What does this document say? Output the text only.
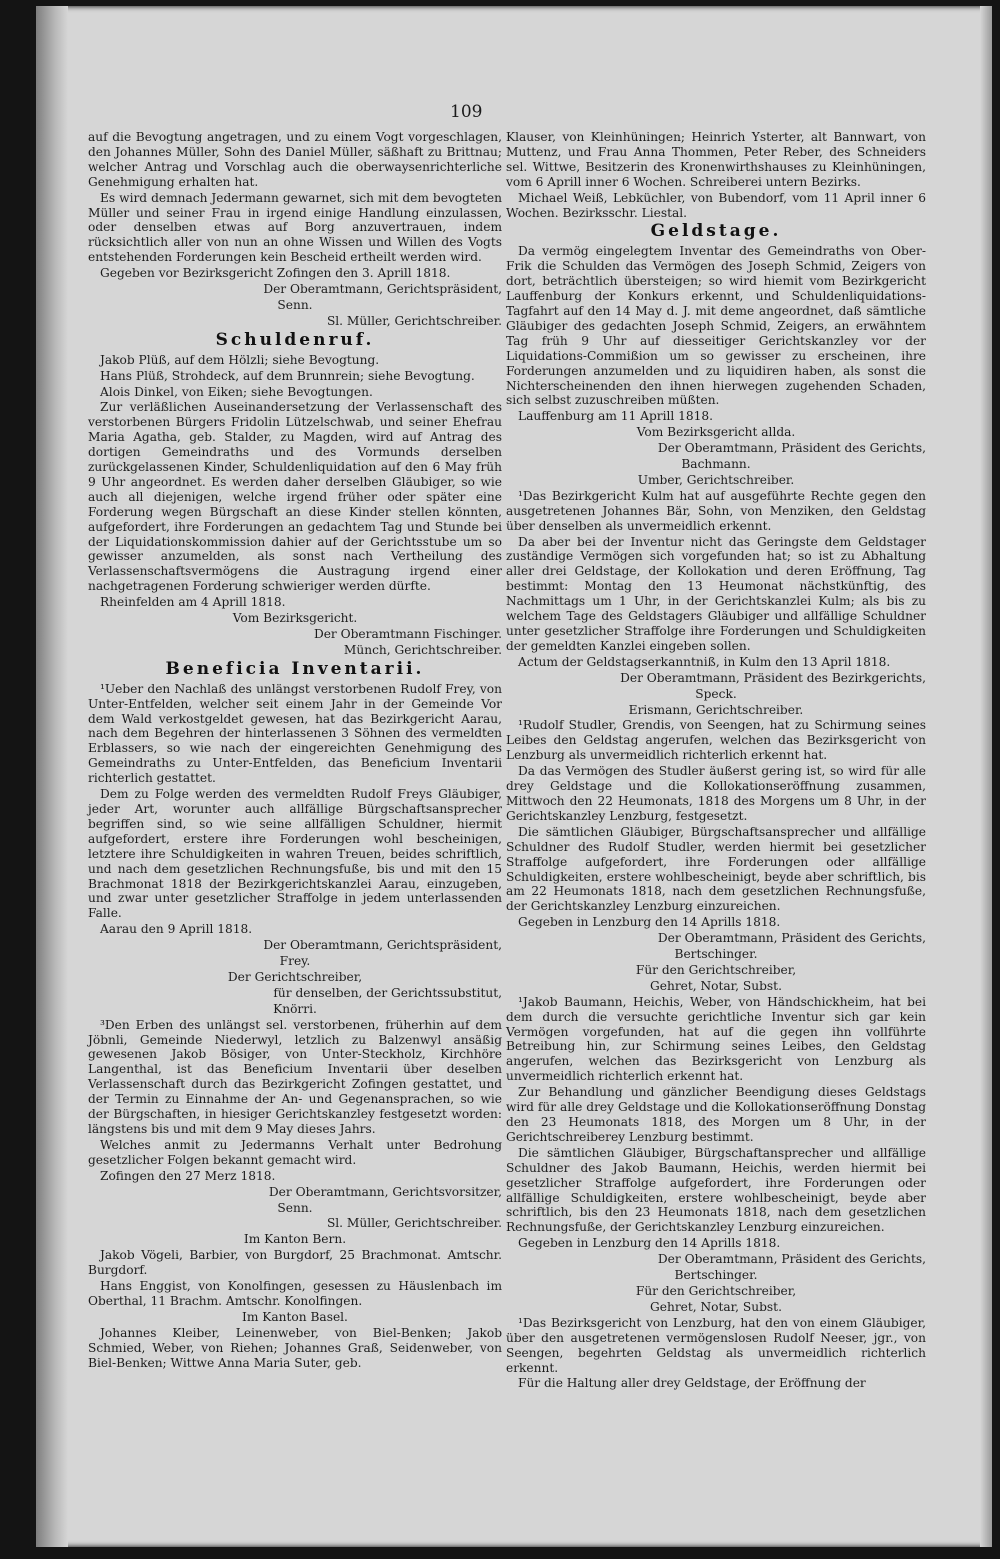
109

auf die Bevogtung angetragen, und zu einem Vogt vorgeschlagen, den Johannes Müller, Sohn des Daniel Müller, säßhaft zu Brittnau; welcher Antrag und Vorschlag auch die oberwaysenrichterliche Genehmigung erhalten hat.

Es wird demnach Jedermann gewarnet, sich mit dem bevogteten Müller und seiner Frau in irgend einige Handlung einzulassen, oder denselben etwas auf Borg anzuvertrauen, indem rücksichtlich aller von nun an ohne Wissen und Willen des Vogts entstehenden Forderungen kein Bescheid ertheilt werden wird.

Gegeben vor Bezirksgericht Zofingen den 3. Aprill 1818.

Der Oberamtmann, Gerichtspräsident,

Senn.

Sl. Müller, Gerichtschreiber.

Schuldenruf.

Jakob Plüß, auf dem Hölzli; siehe Bevogtung.

Hans Plüß, Strohdeck, auf dem Brunnrein; siehe Bevogtung.

Alois Dinkel, von Eiken; siehe Bevogtungen.

Zur verläßlichen Auseinandersetzung der Verlassenschaft des verstorbenen Bürgers Fridolin Lützelschwab, und seiner Ehefrau Maria Agatha, geb. Stalder, zu Magden, wird auf Antrag des dortigen Gemeindraths und des Vormunds derselben zurückgelassenen Kinder, Schuldenliquidation auf den 6 May früh 9 Uhr angeordnet. Es werden daher derselben Gläubiger, so wie auch all diejenigen, welche irgend früher oder später eine Forderung wegen Bürgschaft an diese Kinder stellen könnten, aufgefordert, ihre Forderungen an gedachtem Tag und Stunde bei der Liquidationskommission dahier auf der Gerichtsstube um so gewisser anzumelden, als sonst nach Vertheilung des Verlassenschaftsvermögens die Austragung irgend einer nachgetragenen Forderung schwieriger werden dürfte.

Rheinfelden am 4 Aprill 1818.

Vom Bezirksgericht.

Der Oberamtmann Fischinger.

Münch, Gerichtschreiber.

Beneficia Inventarii.

¹Ueber den Nachlaß des unlängst verstorbenen Rudolf Frey, von Unter-Entfelden, welcher seit einem Jahr in der Gemeinde Vor dem Wald verkostgeldet gewesen, hat das Bezirkgericht Aarau, nach dem Begehren der hinterlassenen 3 Söhnen des vermeldten Erblassers, so wie nach der eingereichten Genehmigung des Gemeindraths zu Unter-Entfelden, das Beneficium Inventarii richterlich gestattet.

Dem zu Folge werden des vermeldten Rudolf Freys Gläubiger, jeder Art, worunter auch allfällige Bürgschaftsansprecher begriffen sind, so wie seine allfälligen Schuldner, hiermit aufgefordert, erstere ihre Forderungen wohl bescheinigen, letztere ihre Schuldigkeiten in wahren Treuen, beides schriftlich, und nach dem gesetzlichen Rechnungsfuße, bis und mit den 15 Brachmonat 1818 der Bezirkgerichtskanzlei Aarau, einzugeben, und zwar unter gesetzlicher Straffolge in jedem unterlassenden Falle.

Aarau den 9 Aprill 1818.

Der Oberamtmann, Gerichtspräsident,

Frey.

Der Gerichtschreiber,

für denselben, der Gerichtssubstitut,

Knörri.

³Den Erben des unlängst sel. verstorbenen, früherhin auf dem Jöbnli, Gemeinde Niederwyl, letzlich zu Balzenwyl ansäßig gewesenen Jakob Bösiger, von Unter-Steckholz, Kirchhöre Langenthal, ist das Beneficium Inventarii über deselben Verlassenschaft durch das Bezirkgericht Zofingen gestattet, und der Termin zu Einnahme der An- und Gegenansprachen, so wie der Bürgschaften, in hiesiger Gerichtskanzley festgesetzt worden: längstens bis und mit dem 9 May dieses Jahrs.

Welches anmit zu Jedermanns Verhalt unter Bedrohung gesetzlicher Folgen bekannt gemacht wird.

Zofingen den 27 Merz 1818.

Der Oberamtmann, Gerichtsvorsitzer,

Senn.

Sl. Müller, Gerichtschreiber.

Im Kanton Bern.

Jakob Vögeli, Barbier, von Burgdorf, 25 Brachmonat. Amtschr. Burgdorf.

Hans Enggist, von Konolfingen, gesessen zu Häuslenbach im Oberthal, 11 Brachm. Amtschr. Konolfingen.

Im Kanton Basel.

Johannes Kleiber, Leinenweber, von Biel-Benken; Jakob Schmied, Weber, von Riehen; Johannes Graß, Seidenweber, von Biel-Benken; Wittwe Anna Maria Suter, geb.

Klauser, von Kleinhüningen; Heinrich Ysterter, alt Bannwart, von Muttenz, und Frau Anna Thommen, Peter Reber, des Schneiders sel. Wittwe, Besitzerin des Kronenwirthshauses zu Kleinhüningen, vom 6 Aprill inner 6 Wochen. Schreiberei untern Bezirks.

Michael Weiß, Lebküchler, von Bubendorf, vom 11 April inner 6 Wochen. Bezirksschr. Liestal.

Geldstage.

Da vermög eingelegtem Inventar des Gemeindraths von Ober-Frik die Schulden das Vermögen des Joseph Schmid, Zeigers von dort, beträchtlich übersteigen; so wird hiemit vom Bezirkgericht Lauffenburg der Konkurs erkennt, und Schuldenliquidations-Tagfahrt auf den 14 May d. J. mit deme angeordnet, daß sämtliche Gläubiger des gedachten Joseph Schmid, Zeigers, an erwähntem Tag früh 9 Uhr auf diesseitiger Gerichtskanzley vor der Liquidations-Commißion um so gewisser zu erscheinen, ihre Forderungen anzumelden und zu liquidiren haben, als sonst die Nichterscheinenden den ihnen hierwegen zugehenden Schaden, sich selbst zuzuschreiben müßten.

Lauffenburg am 11 Aprill 1818.

Vom Bezirksgericht allda.

Der Oberamtmann, Präsident des Gerichts,

Bachmann.

Umber, Gerichtschreiber.

¹Das Bezirkgericht Kulm hat auf ausgeführte Rechte gegen den ausgetretenen Johannes Bär, Sohn, von Menziken, den Geldstag über denselben als unvermeidlich erkennt.

Da aber bei der Inventur nicht das Geringste dem Geldstager zuständige Vermögen sich vorgefunden hat; so ist zu Abhaltung aller drei Geldstage, der Kollokation und deren Eröffnung, Tag bestimmt: Montag den 13 Heumonat nächstkünftig, des Nachmittags um 1 Uhr, in der Gerichtskanzlei Kulm; als bis zu welchem Tage des Geldstagers Gläubiger und allfällige Schuldner unter gesetzlicher Straffolge ihre Forderungen und Schuldigkeiten der gemeldten Kanzlei eingeben sollen.

Actum der Geldstagserkanntniß, in Kulm den 13 April 1818.

Der Oberamtmann, Präsident des Bezirkgerichts,

Speck.

Erismann, Gerichtschreiber.

¹Rudolf Studler, Grendis, von Seengen, hat zu Schirmung seines Leibes den Geldstag angerufen, welchen das Bezirksgericht von Lenzburg als unvermeidlich richterlich erkennt hat.

Da das Vermögen des Studler äußerst gering ist, so wird für alle drey Geldstage und die Kollokationseröffnung zusammen, Mittwoch den 22 Heumonats, 1818 des Morgens um 8 Uhr, in der Gerichtskanzley Lenzburg, festgesetzt.

Die sämtlichen Gläubiger, Bürgschaftsansprecher und allfällige Schuldner des Rudolf Studler, werden hiermit bei gesetzlicher Straffolge aufgefordert, ihre Forderungen oder allfällige Schuldigkeiten, erstere wohlbescheinigt, beyde aber schriftlich, bis am 22 Heumonats 1818, nach dem gesetzlichen Rechnungsfuße, der Gerichtskanzley Lenzburg einzureichen.

Gegeben in Lenzburg den 14 Aprills 1818.

Der Oberamtmann, Präsident des Gerichts,

Bertschinger.

Für den Gerichtschreiber,

Gehret, Notar, Subst.

¹Jakob Baumann, Heichis, Weber, von Händschickheim, hat bei dem durch die versuchte gerichtliche Inventur sich gar kein Vermögen vorgefunden, hat auf die gegen ihn vollführte Betreibung hin, zur Schirmung seines Leibes, den Geldstag angerufen, welchen das Bezirksgericht von Lenzburg als unvermeidlich richterlich erkennt hat.

Zur Behandlung und gänzlicher Beendigung dieses Geldstags wird für alle drey Geldstage und die Kollokationseröffnung Donstag den 23 Heumonats 1818, des Morgen um 8 Uhr, in der Gerichtschreiberey Lenzburg bestimmt.

Die sämtlichen Gläubiger, Bürgschaftansprecher und allfällige Schuldner des Jakob Baumann, Heichis, werden hiermit bei gesetzlicher Straffolge aufgefordert, ihre Forderungen oder allfällige Schuldigkeiten, erstere wohlbescheinigt, beyde aber schriftlich, bis den 23 Heumonats 1818, nach dem gesetzlichen Rechnungsfuße, der Gerichtskanzley Lenzburg einzureichen.

Gegeben in Lenzburg den 14 Aprills 1818.

Der Oberamtmann, Präsident des Gerichts,

Bertschinger.

Für den Gerichtschreiber,

Gehret, Notar, Subst.

¹Das Bezirksgericht von Lenzburg, hat den von einem Gläubiger, über den ausgetretenen vermögenslosen Rudolf Neeser, jgr., von Seengen, begehrten Geldstag als unvermeidlich richterlich erkennt.

Für die Haltung aller drey Geldstage, der Eröffnung der
